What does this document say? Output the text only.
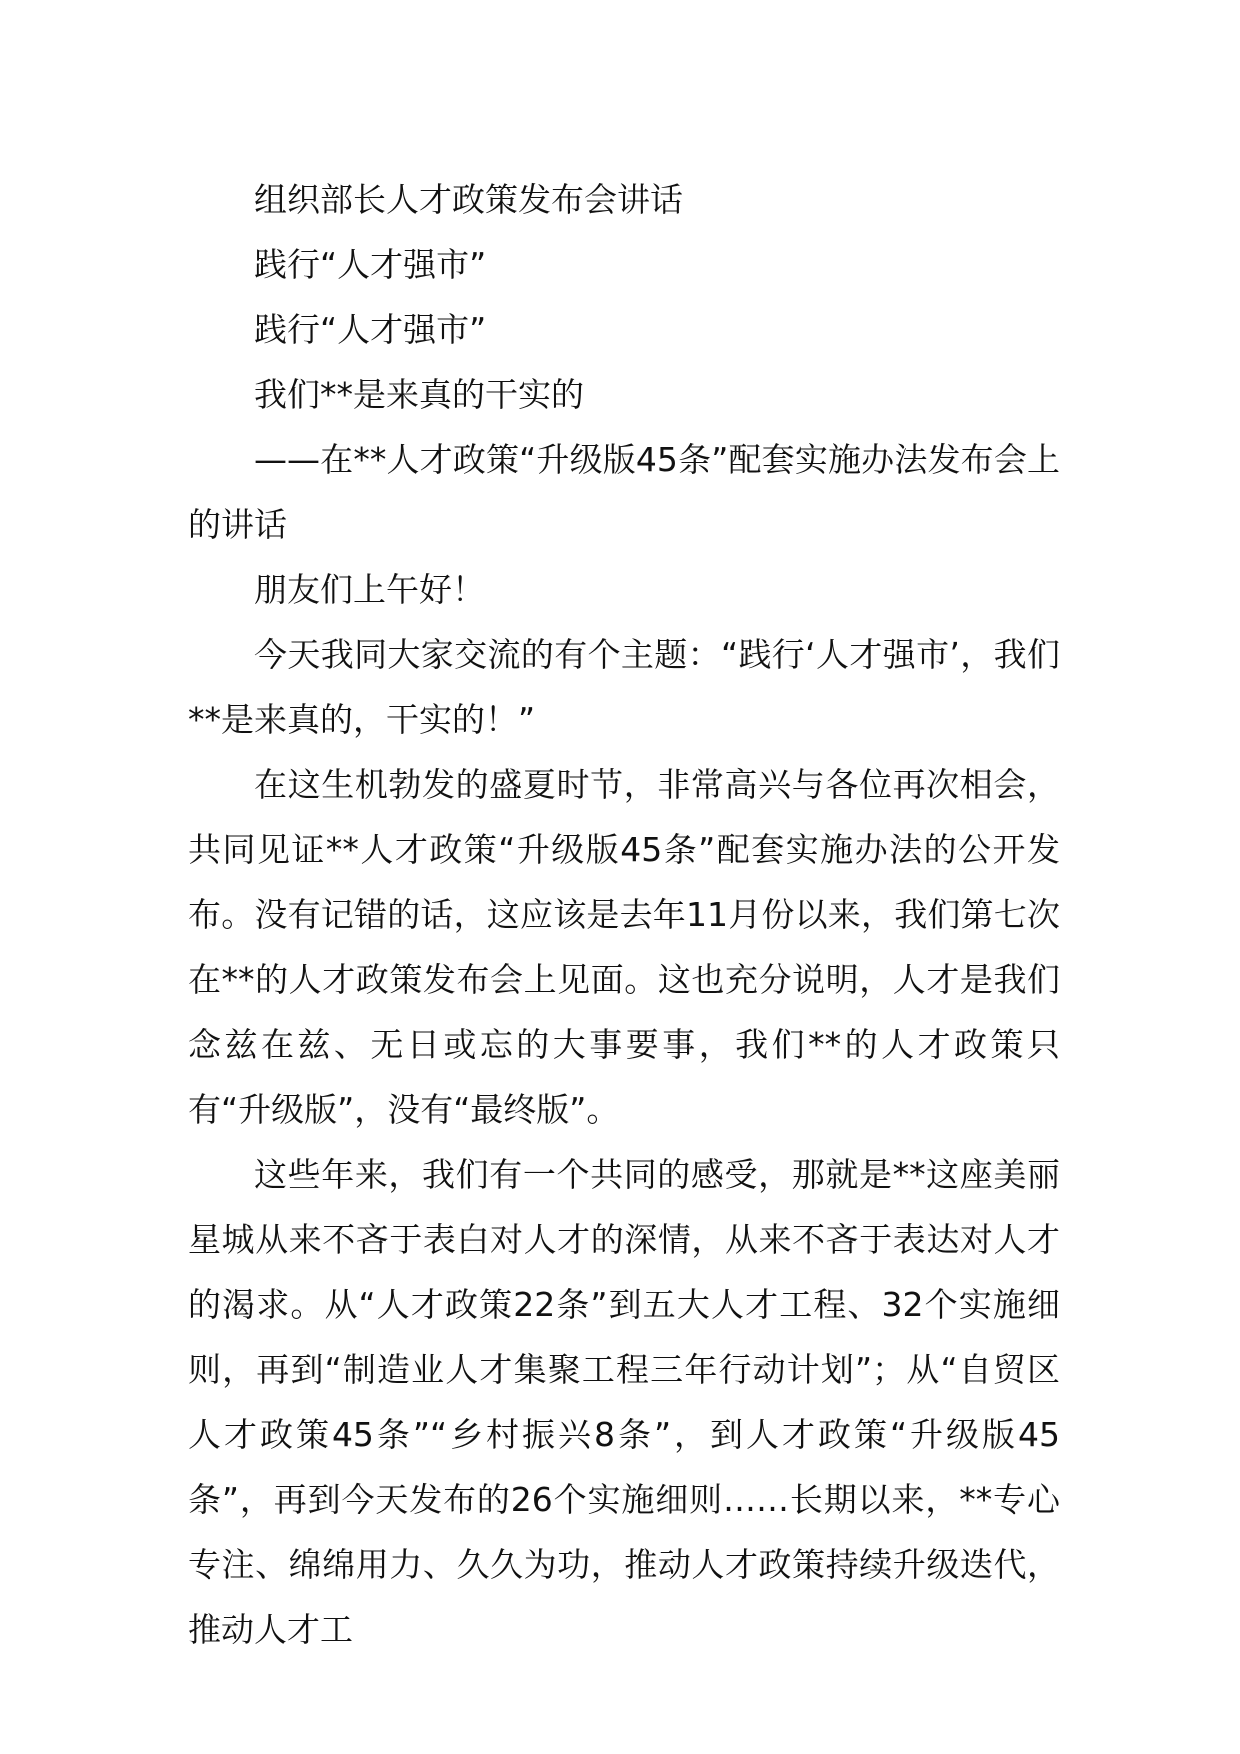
组织部长人才政策发布会讲话

践行“人才强市”

践行“人才强市”

我们**是来真的干实的

——在**人才政策“升级版45条”配套实施办法发布会上的讲话

朋友们上午好！

今天我同大家交流的有个主题：“践行‘人才强市’，我们**是来真的，干实的！”

在这生机勃发的盛夏时节，非常高兴与各位再次相会，共同见证**人才政策“升级版45条”配套实施办法的公开发布。没有记错的话，这应该是去年11月份以来，我们第七次在**的人才政策发布会上见面。这也充分说明，人才是我们念兹在兹、无日或忘的大事要事，我们**的人才政策只有“升级版”，没有“最终版”。

这些年来，我们有一个共同的感受，那就是**这座美丽星城从来不吝于表白对人才的深情，从来不吝于表达对人才的渴求。从“人才政策22条”到五大人才工程、32个实施细则，再到“制造业人才集聚工程三年行动计划”；从“自贸区人才政策45条”“乡村振兴8条”，到人才政策“升级版45条”，再到今天发布的26个实施细则……长期以来，**专心专注、绵绵用力、久久为功，推动人才政策持续升级迭代，推动人才工
